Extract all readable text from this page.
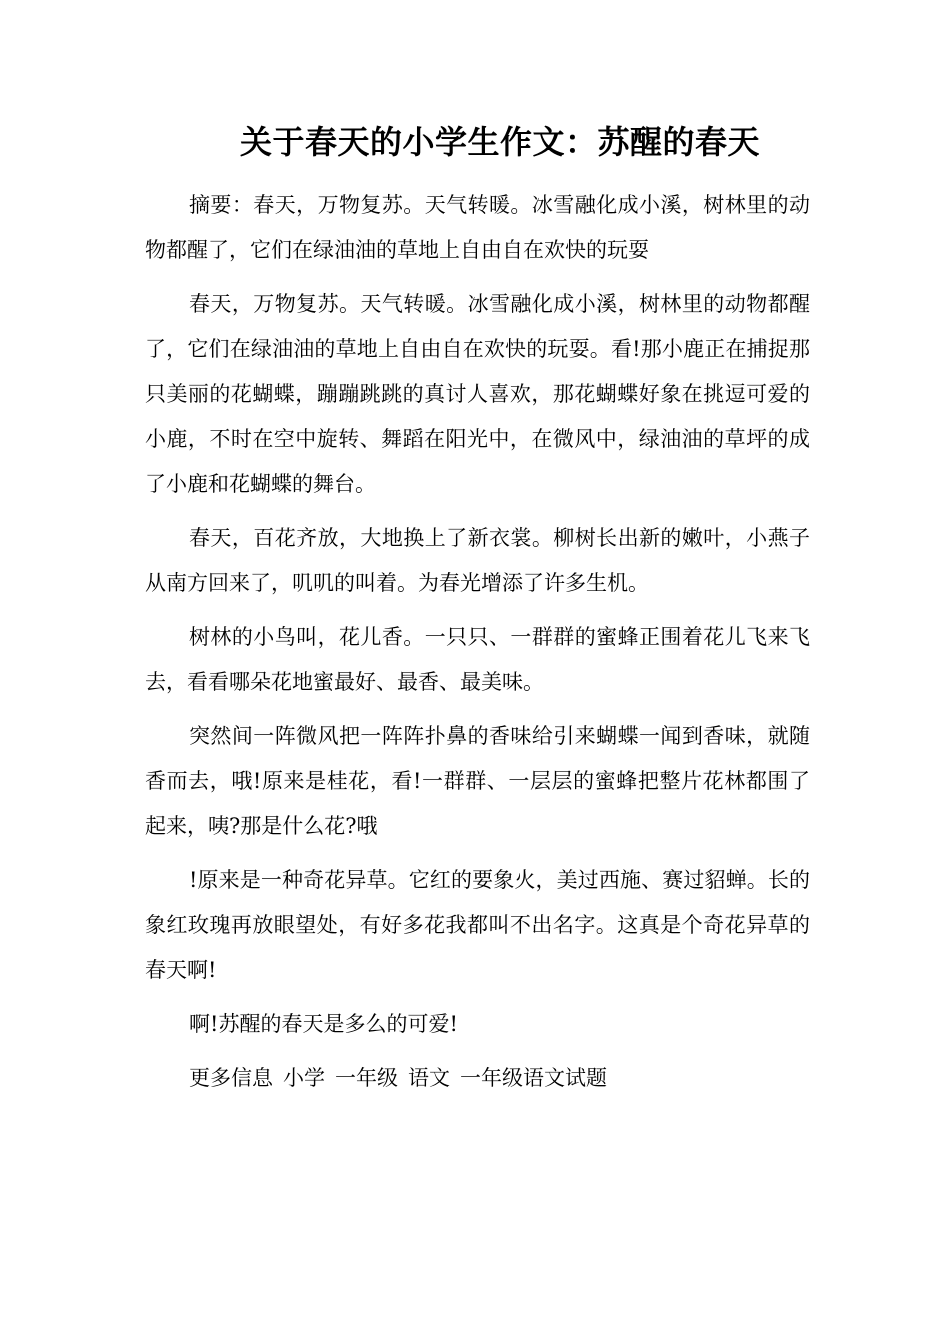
关于春天的小学生作文：苏醒的春天

摘要：春天，万物复苏。天气转暖。冰雪融化成小溪，树林里的动物都醒了，它们在绿油油的草地上自由自在欢快的玩耍

春天，万物复苏。天气转暖。冰雪融化成小溪，树林里的动物都醒了，它们在绿油油的草地上自由自在欢快的玩耍。看!那小鹿正在捕捉那只美丽的花蝴蝶，蹦蹦跳跳的真讨人喜欢，那花蝴蝶好象在挑逗可爱的小鹿，不时在空中旋转、舞蹈在阳光中，在微风中，绿油油的草坪的成了小鹿和花蝴蝶的舞台。

春天，百花齐放，大地换上了新衣裳。柳树长出新的嫩叶，小燕子从南方回来了，叽叽的叫着。为春光增添了许多生机。

树林的小鸟叫，花儿香。一只只、一群群的蜜蜂正围着花儿飞来飞去，看看哪朵花地蜜最好、最香、最美味。

突然间一阵微风把一阵阵扑鼻的香味给引来蝴蝶一闻到香味，就随香而去，哦!原来是桂花，看!一群群、一层层的蜜蜂把整片花林都围了起来，咦?那是什么花?哦

!原来是一种奇花异草。它红的要象火，美过西施、赛过貂蝉。长的象红玫瑰再放眼望处，有好多花我都叫不出名字。这真是个奇花异草的春天啊!

啊!苏醒的春天是多么的可爱!

更多信息 小学 一年级 语文 一年级语文试题
